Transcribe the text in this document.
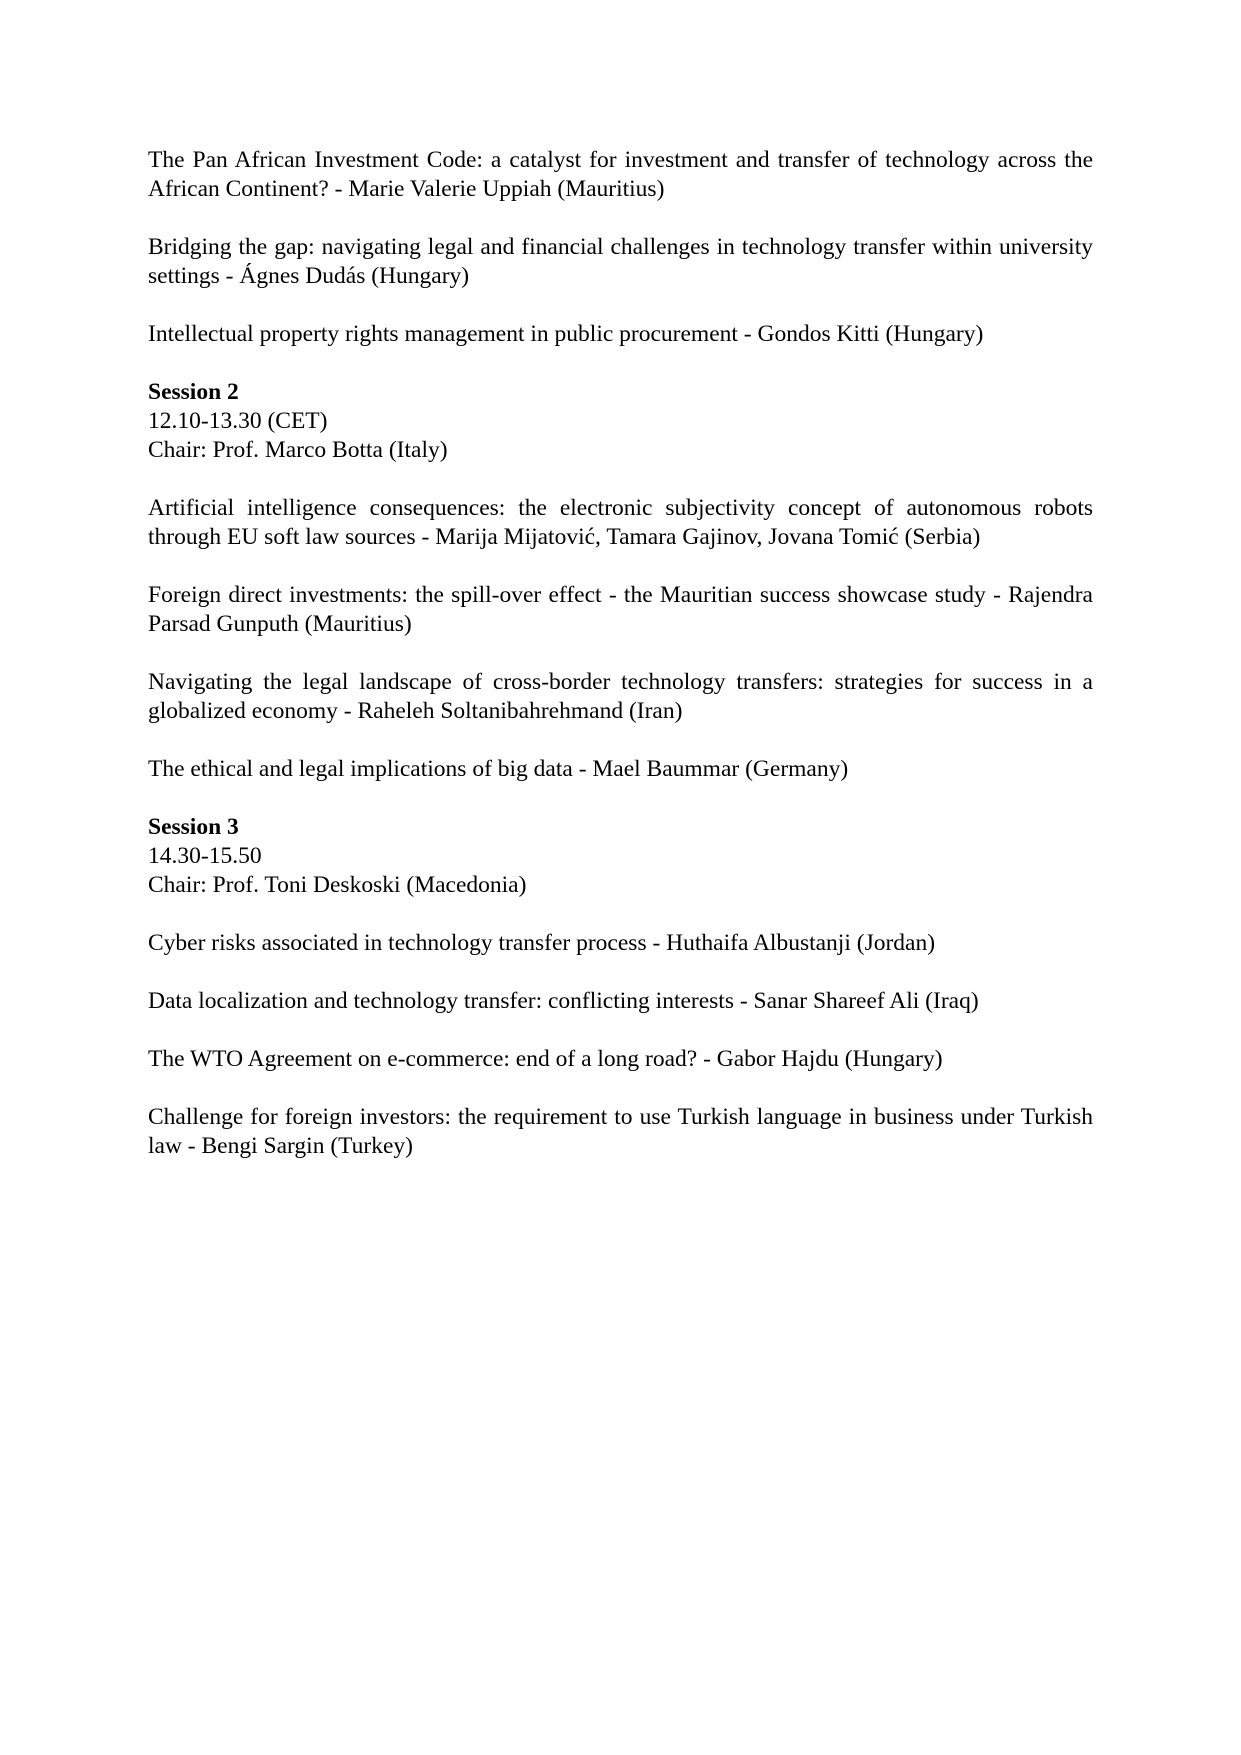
The Pan African Investment Code: a catalyst for investment and transfer of technology across the African Continent? - Marie Valerie Uppiah (Mauritius)

Bridging the gap: navigating legal and financial challenges in technology transfer within university settings - Ágnes Dudás (Hungary)

Intellectual property rights management in public procurement - Gondos Kitti (Hungary)

Session 2
12.10-13.30 (CET)
Chair: Prof. Marco Botta (Italy)

Artificial intelligence consequences: the electronic subjectivity concept of autonomous robots through EU soft law sources - Marija Mijatović, Tamara Gajinov, Jovana Tomić (Serbia)

Foreign direct investments: the spill-over effect - the Mauritian success showcase study - Rajendra Parsad Gunputh (Mauritius)

Navigating the legal landscape of cross-border technology transfers: strategies for success in a globalized economy - Raheleh Soltanibahrehmand (Iran)

The ethical and legal implications of big data - Mael Baummar (Germany)

Session 3
14.30-15.50
Chair: Prof. Toni Deskoski (Macedonia)

Cyber risks associated in technology transfer process - Huthaifa Albustanji (Jordan)

Data localization and technology transfer: conflicting interests - Sanar Shareef Ali (Iraq)

The WTO Agreement on e-commerce: end of a long road? - Gabor Hajdu (Hungary)

Challenge for foreign investors: the requirement to use Turkish language in business under Turkish law - Bengi Sargin (Turkey)
